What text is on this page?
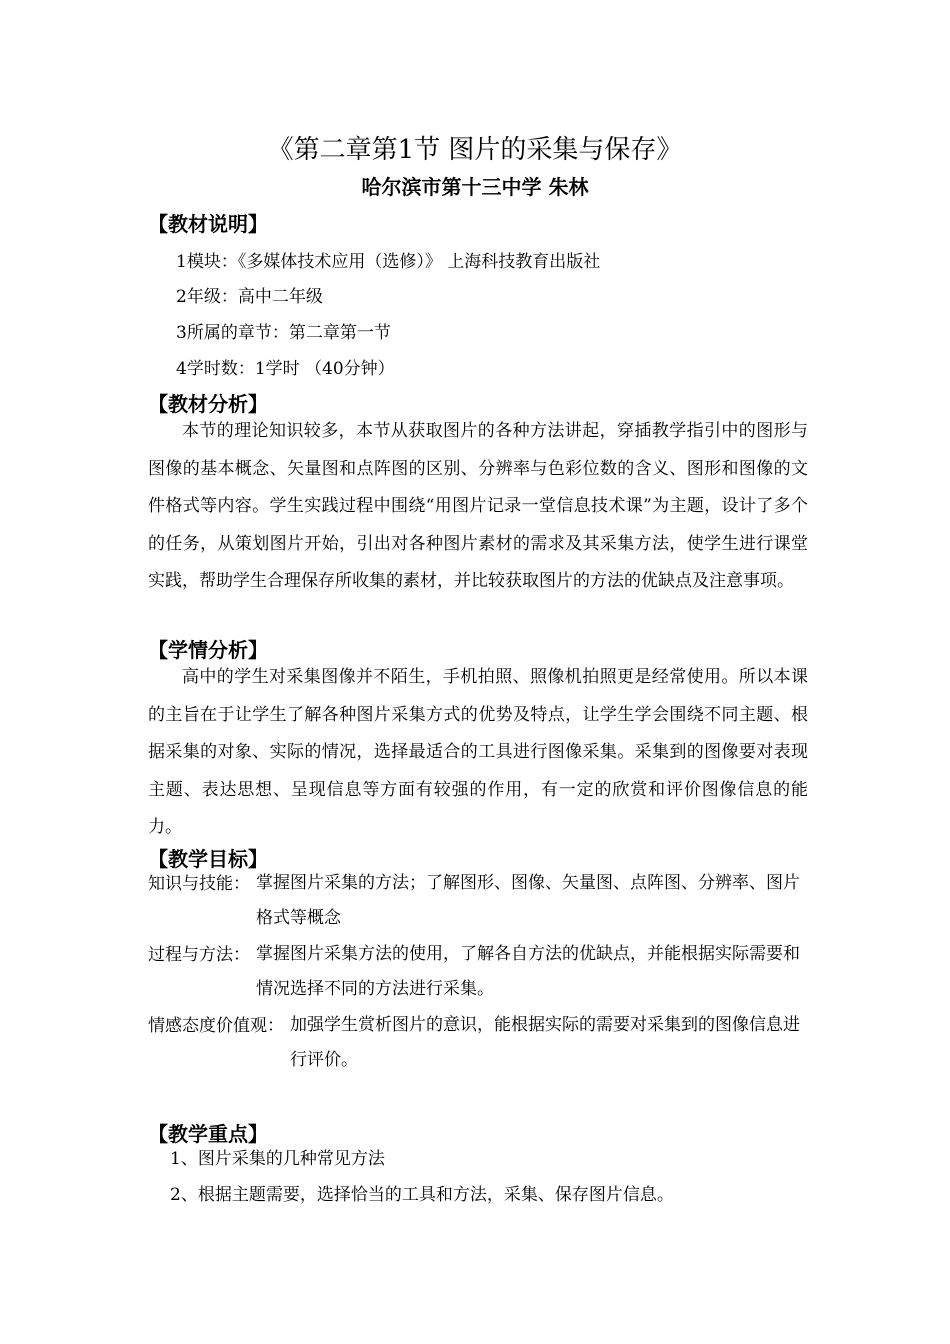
《第二章第1节 图片的采集与保存》
哈尔滨市第十三中学 朱林
【教材说明】
1模块：《多媒体技术应用（选修）》 上海科技教育出版社
2年级：高中二年级
3所属的章节：第二章第一节
4学时数：1学时 （40分钟）
【教材分析】

本节的理论知识较多，本节从获取图片的各种方法讲起，穿插教学指引中的图形与图像的基本概念、矢量图和点阵图的区别、分辨率与色彩位数的含义、图形和图像的文件格式等内容。学生实践过程中围绕“用图片记录一堂信息技术课”为主题，设计了多个的任务，从策划图片开始，引出对各种图片素材的需求及其采集方法，使学生进行课堂实践，帮助学生合理保存所收集的素材，并比较获取图片的方法的优缺点及注意事项。

【学情分析】

高中的学生对采集图像并不陌生，手机拍照、照像机拍照更是经常使用。所以本课的主旨在于让学生了解各种图片采集方式的优势及特点，让学生学会围绕不同主题、根据采集的对象、实际的情况，选择最适合的工具进行图像采集。采集到的图像要对表现主题、表达思想、呈现信息等方面有较强的作用，有一定的欣赏和评价图像信息的能力。

【教学目标】
知识与技能： 掌握图片采集的方法；了解图形、图像、矢量图、点阵图、分辨率、图片格式等概念

过程与方法： 掌握图片采集方法的使用，了解各自方法的优缺点，并能根据实际需要和情况选择不同的方法进行采集。

情感态度价值观： 加强学生赏析图片的意识，能根据实际的需要对采集到的图像信息进行评价。

【教学重点】
1、图片采集的几种常见方法
2、根据主题需要，选择恰当的工具和方法，采集、保存图片信息。
